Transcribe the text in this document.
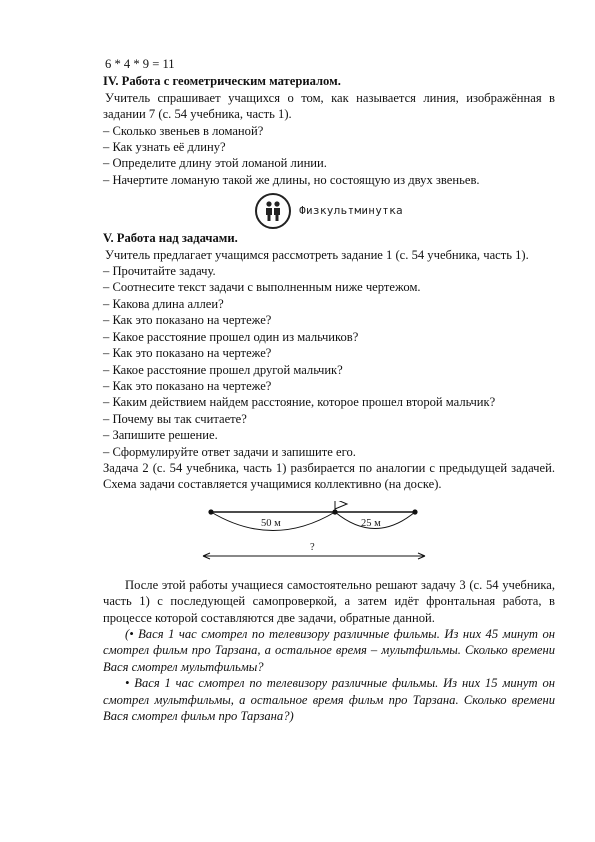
6 * 4 * 9 = 11

IV. Работа с геометрическим материалом.

Учитель спрашивает учащихся о том, как называется линия, изображённая в задании 7 (с. 54 учебника, часть 1).

– Сколько звеньев в ломаной?

– Как узнать её длину?

– Определите длину этой ломаной линии.

– Начертите ломаную такой же длины, но состоящую из двух звеньев.

Физкультминутка

V. Работа над задачами.

Учитель предлагает учащимся рассмотреть задание 1 (с. 54 учебника, часть 1).

– Прочитайте задачу.

– Соотнесите текст задачи с выполненным ниже чертежом.

– Какова длина аллеи?

– Как это показано на чертеже?

– Какое расстояние прошел один из мальчиков?

– Как это показано на чертеже?

– Какое расстояние прошел другой мальчик?

– Как это показано на чертеже?

– Каким действием найдем расстояние, которое прошел второй мальчик?

– Почему вы так считаете?

– Запишите решение.

– Сформулируйте ответ задачи и запишите его.

Задача 2 (с. 54 учебника, часть 1) разбирается по аналогии с предыдущей задачей. Схема задачи составляется учащимися коллективно (на доске).

50 м	25 м
?

После этой работы учащиеся самостоятельно решают задачу 3 (с. 54 учебника, часть 1) с последующей самопроверкой, а затем идёт фронтальная работа, в процессе которой составляются две задачи, обратные данной.

(• Вася 1 час смотрел по телевизору различные фильмы. Из них 45 минут он смотрел фильм про Тарзана, а остальное время – мультфильмы. Сколько времени Вася смотрел мультфильмы?

• Вася 1 час смотрел по телевизору различные фильмы. Из них 15 минут он смотрел мультфильмы, а остальное время фильм про Тарзана. Сколько времени Вася смотрел фильм про Тарзана?)
